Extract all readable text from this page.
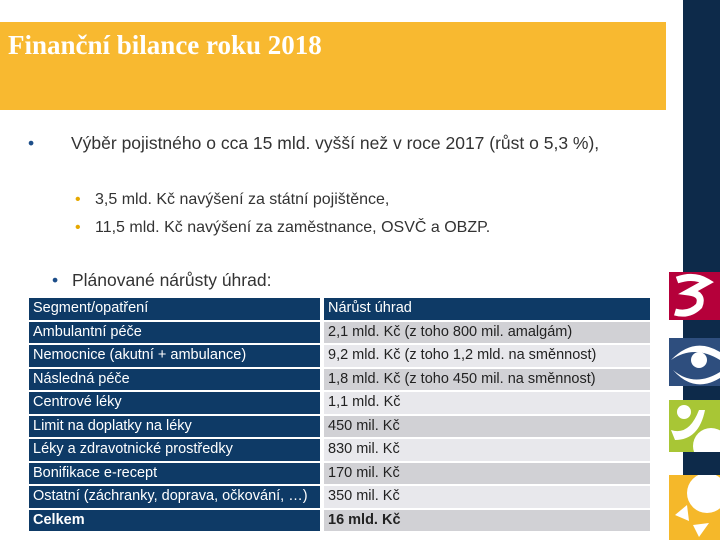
Finanční bilance roku 2018
•	Výběr pojistného o cca 15 mld. vyšší než v roce 2017 (růst o 5,3 %),
• 3,5 mld. Kč navýšení za státní pojištěnce,
• 11,5 mld. Kč navýšení za zaměstnance, OSVČ a OBZP.
• Plánované nárůsty úhrad:
Segment/opatření	Nárůst úhrad
Ambulantní péče	2,1 mld. Kč (z toho 800 mil. amalgám)
Nemocnice (akutní + ambulance)	9,2 mld. Kč (z toho 1,2 mld. na směnnost)
Následná péče	1,8 mld. Kč (z toho 450 mil. na směnnost)
Centrové léky	1,1 mld. Kč
Limit na doplatky na léky	450 mil. Kč
Léky a zdravotnické prostředky	830 mil. Kč
Bonifikace e-recept	170 mil. Kč
Ostatní (záchranky, doprava, očkování, …)	350 mil. Kč
Celkem	16 mld. Kč
